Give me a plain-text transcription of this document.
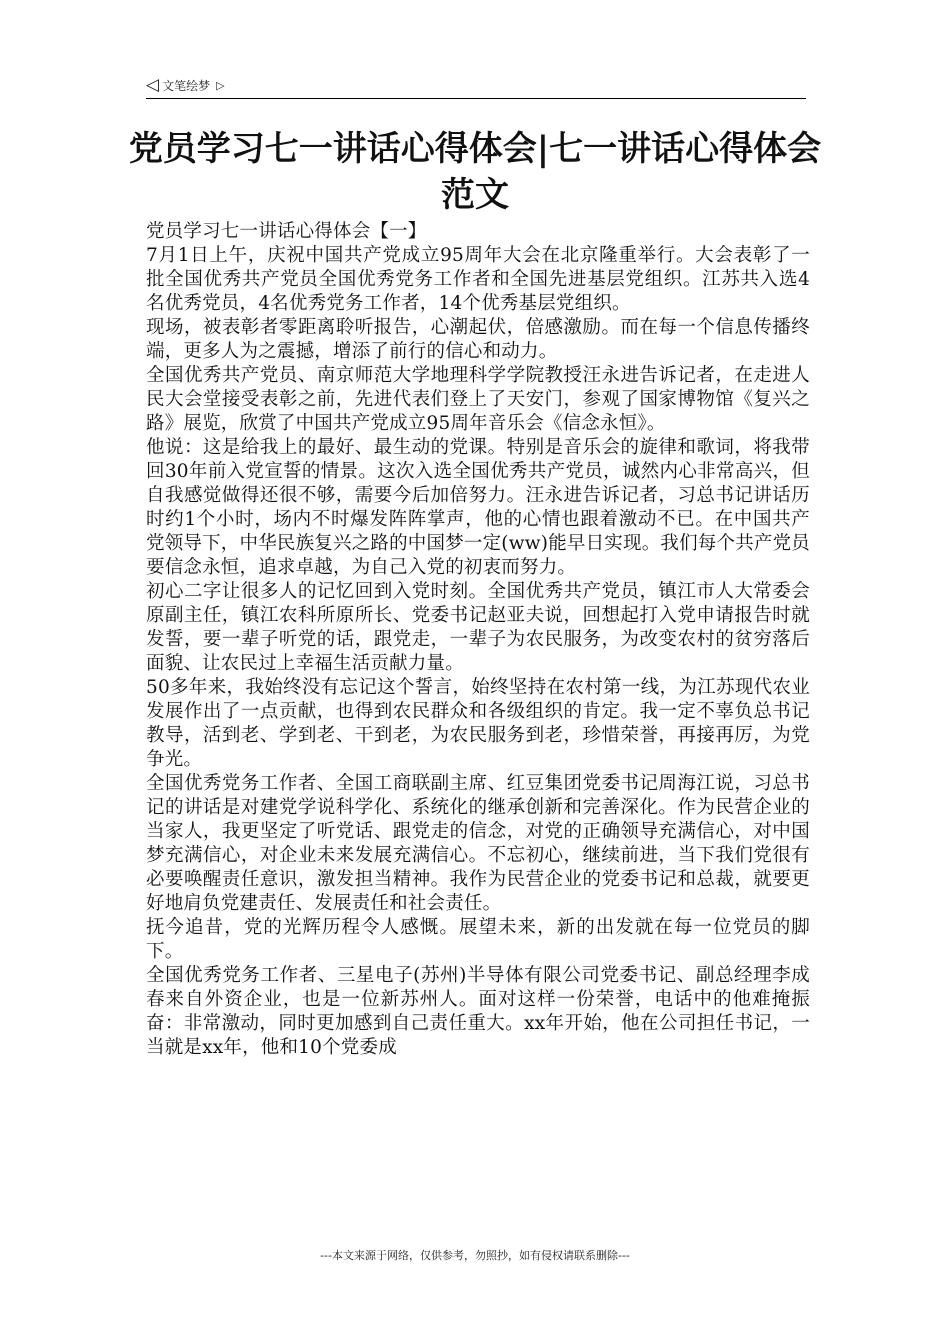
◁ 文笔绘梦 ▷
党员学习七一讲话心得体会|七一讲话心得体会范文

党员学习七一讲话心得体会【一】

7月1日上午，庆祝中国共产党成立95周年大会在北京隆重举行。大会表彰了一批全国优秀共产党员全国优秀党务工作者和全国先进基层党组织。江苏共入选4名优秀党员，4名优秀党务工作者，14个优秀基层党组织。

现场，被表彰者零距离聆听报告，心潮起伏，倍感激励。而在每一个信息传播终端，更多人为之震撼，增添了前行的信心和动力。

全国优秀共产党员、南京师范大学地理科学学院教授汪永进告诉记者，在走进人民大会堂接受表彰之前，先进代表们登上了天安门，参观了国家博物馆《复兴之路》展览，欣赏了中国共产党成立95周年音乐会《信念永恒》。

他说：这是给我上的最好、最生动的党课。特别是音乐会的旋律和歌词，将我带回30年前入党宣誓的情景。这次入选全国优秀共产党员，诚然内心非常高兴，但自我感觉做得还很不够，需要今后加倍努力。汪永进告诉记者，习总书记讲话历时约1个小时，场内不时爆发阵阵掌声，他的心情也跟着激动不已。在中国共产党领导下，中华民族复兴之路的中国梦一定(ww)能早日实现。我们每个共产党员要信念永恒，追求卓越，为自己入党的初衷而努力。

初心二字让很多人的记忆回到入党时刻。全国优秀共产党员，镇江市人大常委会原副主任，镇江农科所原所长、党委书记赵亚夫说，回想起打入党申请报告时就发誓，要一辈子听党的话，跟党走，一辈子为农民服务，为改变农村的贫穷落后面貌、让农民过上幸福生活贡献力量。

50多年来，我始终没有忘记这个誓言，始终坚持在农村第一线，为江苏现代农业发展作出了一点贡献，也得到农民群众和各级组织的肯定。我一定不辜负总书记教导，活到老、学到老、干到老，为农民服务到老，珍惜荣誉，再接再厉，为党争光。

全国优秀党务工作者、全国工商联副主席、红豆集团党委书记周海江说，习总书记的讲话是对建党学说科学化、系统化的继承创新和完善深化。作为民营企业的当家人，我更坚定了听党话、跟党走的信念，对党的正确领导充满信心，对中国梦充满信心，对企业未来发展充满信心。不忘初心，继续前进，当下我们党很有必要唤醒责任意识，激发担当精神。我作为民营企业的党委书记和总裁，就要更好地肩负党建责任、发展责任和社会责任。

抚今追昔，党的光辉历程令人感慨。展望未来，新的出发就在每一位党员的脚下。

全国优秀党务工作者、三星电子(苏州)半导体有限公司党委书记、副总经理李成春来自外资企业，也是一位新苏州人。面对这样一份荣誉，电话中的他难掩振奋：非常激动，同时更加感到自己责任重大。xx年开始，他在公司担任书记，一当就是xx年，他和10个党委成

---本文来源于网络，仅供参考，勿照抄，如有侵权请联系删除---
